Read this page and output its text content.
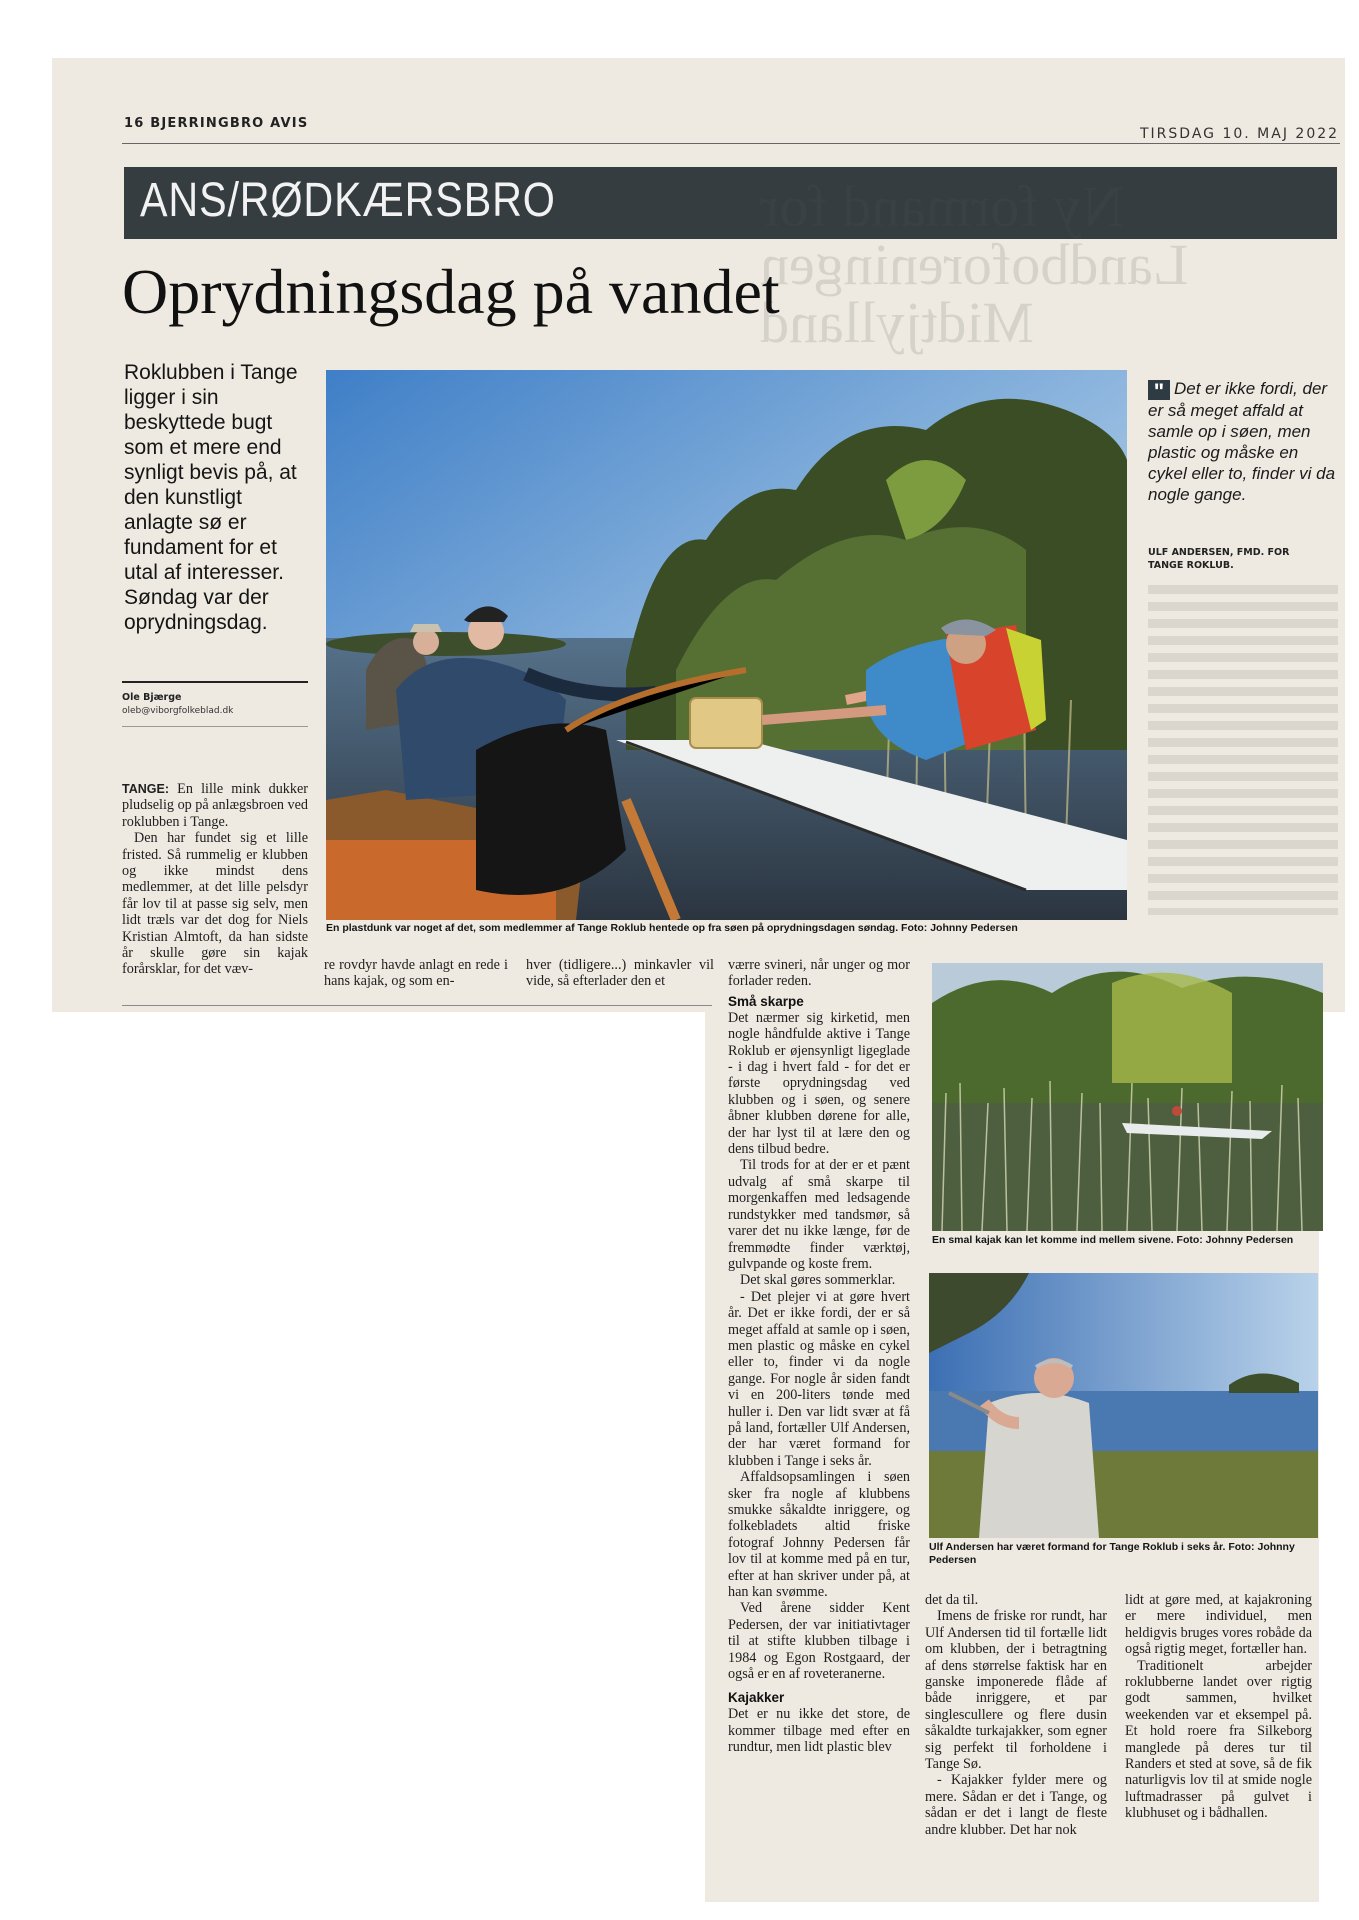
16 BJERRINGBRO AVIS
TIRSDAG 10. MAJ 2022
ANS/RØDKÆRSBRO	Ny formand for
Landboforeningen
Midtjylland
Oprydningsdag på vandet
Roklubben i Tange ligger i sin beskyttede bugt som et mere end synligt bevis på, at den kunstligt anlagte sø er fundament for et utal af interesser. Søndag var der oprydningsdag.
Ole Bjærge
oleb@viborgfolkeblad.dk
En plastdunk var noget af det, som medlemmer af Tange Roklub hentede op fra søen på oprydningsdagen søndag. Foto: Johnny Pedersen
" Det er ikke fordi, der er så meget affald at samle op i søen, men plastic og måske en cykel eller to, finder vi da nogle gange.
ULF ANDERSEN, FMD. FOR TANGE ROKLUB.

TANGE: En lille mink dukker pludselig op på anlægsbroen ved roklubben i Tange.

Den har fundet sig et lille fristed. Så rummelig er klubben og ikke mindst dens medlemmer, at det lille pelsdyr får lov til at passe sig selv, men lidt træls var det dog for Niels Kristian Almtoft, da han sidste år skulle gøre sin kajak forårsklar, for det væv-	re rovdyr havde anlagt en rede i hans kajak, og som en-
hver (tidligere...) minkavler vil vide, så efterlader den et

værre svineri, når unger og mor forlader reden.

Små skarpe

Det nærmer sig kirketid, men nogle håndfulde aktive i Tange Roklub er øjensynligt ligeglade - i dag i hvert fald - for det er første oprydningsdag ved klubben og i søen, og senere åbner klubben dørene for alle, der har lyst til at lære den og dens tilbud bedre.

Til trods for at der er et pænt udvalg af små skarpe til morgenkaffen med ledsagende rundstykker med tandsmør, så varer det nu ikke længe, før de fremmødte finder værktøj, gulvpande og koste frem.

Det skal gøres sommerklar.

- Det plejer vi at gøre hvert år. Det er ikke fordi, der er så meget affald at samle op i søen, men plastic og måske en cykel eller to, finder vi da nogle gange. For nogle år siden fandt vi en 200-liters tønde med huller i. Den var lidt svær at få på land, fortæller Ulf Andersen, der har været formand for klubben i Tange i seks år.

Affaldsopsamlingen i søen sker fra nogle af klubbens smukke såkaldte inriggere, og folkebladets altid friske fotograf Johnny Pedersen får lov til at komme med på en tur, efter at han skriver under på, at han kan svømme.

Ved årene sidder Kent Pedersen, der var initiativtager til at stifte klubben tilbage i 1984 og Egon Rostgaard, der også er en af roveteranerne.

Kajakker

Det er nu ikke det store, de kommer tilbage med efter en rundtur, men lidt plastic blev

En smal kajak kan let komme ind mellem sivene. Foto: Johnny Pedersen
Ulf Andersen har været formand for Tange Roklub i seks år. Foto: Johnny Pedersen

det da til.

Imens de friske ror rundt, har Ulf Andersen tid til fortælle lidt om klubben, der i betragtning af dens størrelse faktisk har en ganske imponerede flåde af både inriggere, et par singlescullere og flere dusin såkaldte turkajakker, som egner sig perfekt til forholdene i Tange Sø.

- Kajakker fylder mere og mere. Sådan er det i Tange, og sådan er det i langt de fleste andre klubber. Det har nok

lidt at gøre med, at kajakroning er mere individuel, men heldigvis bruges vores robåde da også rigtig meget, fortæller han.

Traditionelt arbejder roklubberne landet over rigtig godt sammen, hvilket weekenden var et eksempel på. Et hold roere fra Silkeborg manglede på deres tur til Randers et sted at sove, så de fik naturligvis lov til at smide nogle luftmadrasser på gulvet i klubhuset og i bådhallen.
